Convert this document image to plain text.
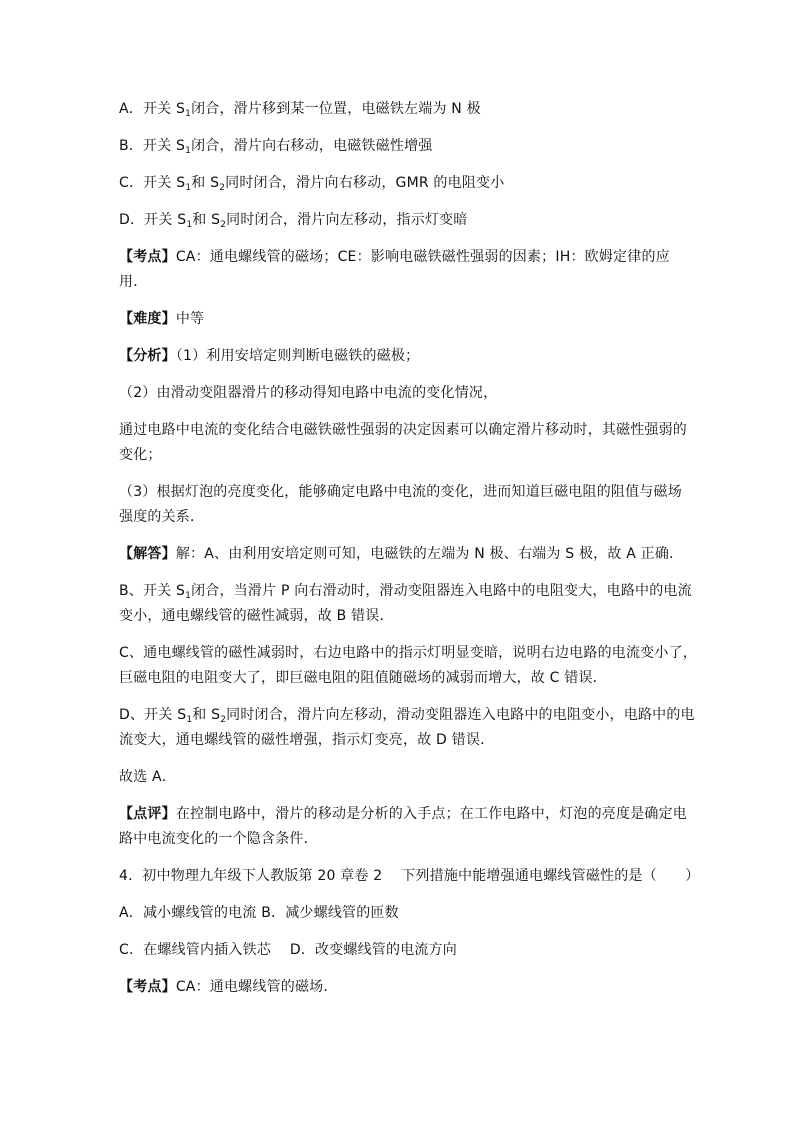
A．开关 $S_1$闭合，滑片移到某一位置，电磁铁左端为 N 极
B．开关 $S_1$闭合，滑片向右移动，电磁铁磁性增强
C．开关 $S_1$和 $S_2$同时闭合，滑片向右移动，GMR 的电阻变小
D．开关 $S_1$和 $S_2$同时闭合，滑片向左移动，指示灯变暗
【考点】CA：通电螺线管的磁场；CE：影响电磁铁磁性强弱的因素；IH：欧姆定律的应
用．
【难度】中等
【分析】（1）利用安培定则判断电磁铁的磁极；
（2）由滑动变阻器滑片的移动得知电路中电流的变化情况，
通过电路中电流的变化结合电磁铁磁性强弱的决定因素可以确定滑片移动时，其磁性强弱的
变化；
（3）根据灯泡的亮度变化，能够确定电路中电流的变化，进而知道巨磁电阻的阻值与磁场
强度的关系．
【解答】解：A、由利用安培定则可知，电磁铁的左端为 N 极、右端为 S 极，故 A 正确．
B、开关 $S_1$闭合，当滑片 P 向右滑动时，滑动变阻器连入电路中的电阻变大，电路中的电流
变小，通电螺线管的磁性减弱，故 B 错误．
C、通电螺线管的磁性减弱时，右边电路中的指示灯明显变暗，说明右边电路的电流变小了，
巨磁电阻的电阻变大了，即巨磁电阻的阻值随磁场的减弱而增大，故 C 错误．
D、开关 $S_1$和 $S_2$同时闭合，滑片向左移动，滑动变阻器连入电路中的电阻变小，电路中的电
流变大，通电螺线管的磁性增强，指示灯变亮，故 D 错误．
故选 A．
【点评】在控制电路中，滑片的移动是分析的入手点；在工作电路中，灯泡的亮度是确定电
路中电流变化的一个隐含条件．
4．初中物理九年级下人教版第 20 章卷 2　 下列措施中能增强通电螺线管磁性的是（　　）
A．减小螺线管的电流 B．减少螺线管的匝数
C．在螺线管内插入铁芯　 D．改变螺线管的电流方向
【考点】CA：通电螺线管的磁场．
